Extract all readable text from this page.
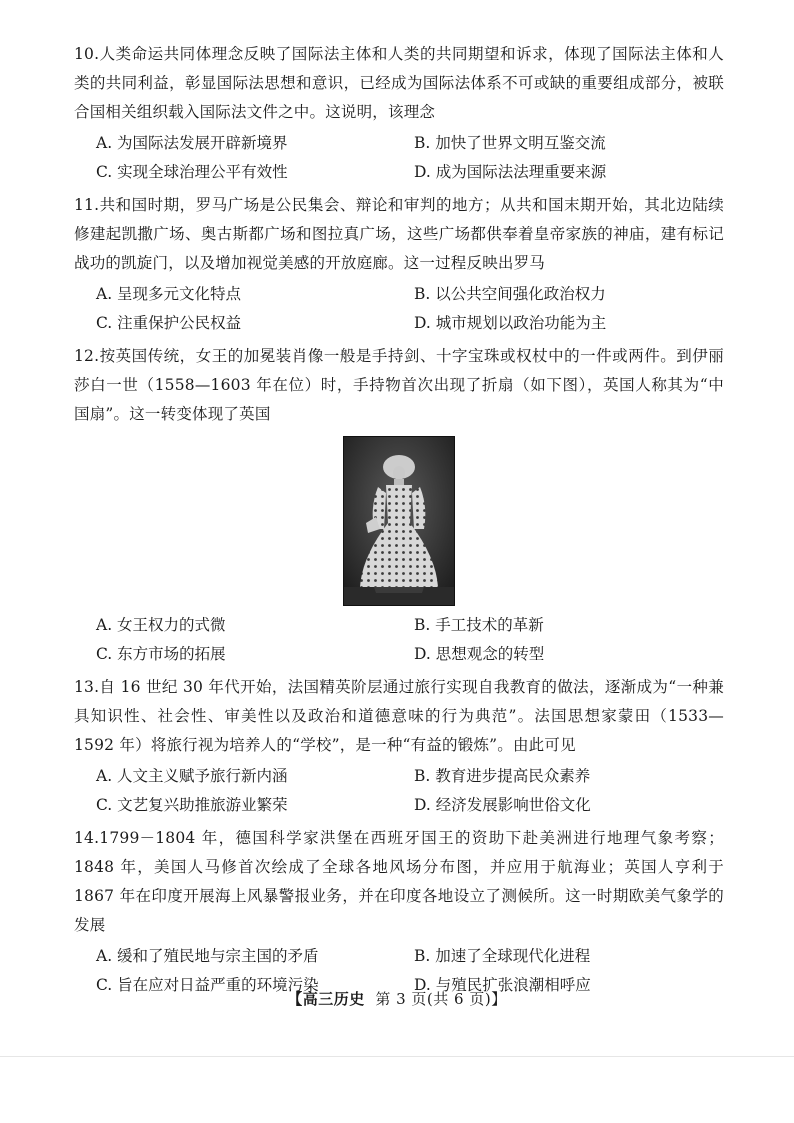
10.人类命运共同体理念反映了国际法主体和人类的共同期望和诉求，体现了国际法主体和人类的共同利益，彰显国际法思想和意识，已经成为国际法体系不可或缺的重要组成部分，被联合国相关组织载入国际法文件之中。这说明，该理念
A. 为国际法发展开辟新境界	B. 加快了世界文明互鉴交流
C. 实现全球治理公平有效性	D. 成为国际法法理重要来源
11.共和国时期，罗马广场是公民集会、辩论和审判的地方；从共和国末期开始，其北边陆续修建起凯撒广场、奥古斯都广场和图拉真广场，这些广场都供奉着皇帝家族的神庙，建有标记战功的凯旋门，以及增加视觉美感的开放庭廊。这一过程反映出罗马
A. 呈现多元文化特点	B. 以公共空间强化政治权力
C. 注重保护公民权益	D. 城市规划以政治功能为主
12.按英国传统，女王的加冕装肖像一般是手持剑、十字宝珠或权杖中的一件或两件。到伊丽莎白一世（1558—1603 年在位）时，手持物首次出现了折扇（如下图），英国人称其为“中国扇”。这一转变体现了英国
A. 女王权力的式微	B. 手工技术的革新
C. 东方市场的拓展	D. 思想观念的转型
13.自 16 世纪 30 年代开始，法国精英阶层通过旅行实现自我教育的做法，逐渐成为“一种兼具知识性、社会性、审美性以及政治和道德意味的行为典范”。法国思想家蒙田（1533—1592 年）将旅行视为培养人的“学校”，是一种“有益的锻炼”。由此可见
A. 人文主义赋予旅行新内涵	B. 教育进步提高民众素养
C. 文艺复兴助推旅游业繁荣	D. 经济发展影响世俗文化
14.1799－1804 年，德国科学家洪堡在西班牙国王的资助下赴美洲进行地理气象考察；1848 年，美国人马修首次绘成了全球各地风场分布图，并应用于航海业；英国人亨利于 1867 年在印度开展海上风暴警报业务，并在印度各地设立了测候所。这一时期欧美气象学的发展
A. 缓和了殖民地与宗主国的矛盾	B. 加速了全球现代化进程
C. 旨在应对日益严重的环境污染	D. 与殖民扩张浪潮相呼应
【高三历史 第 3 页(共 6 页)】
